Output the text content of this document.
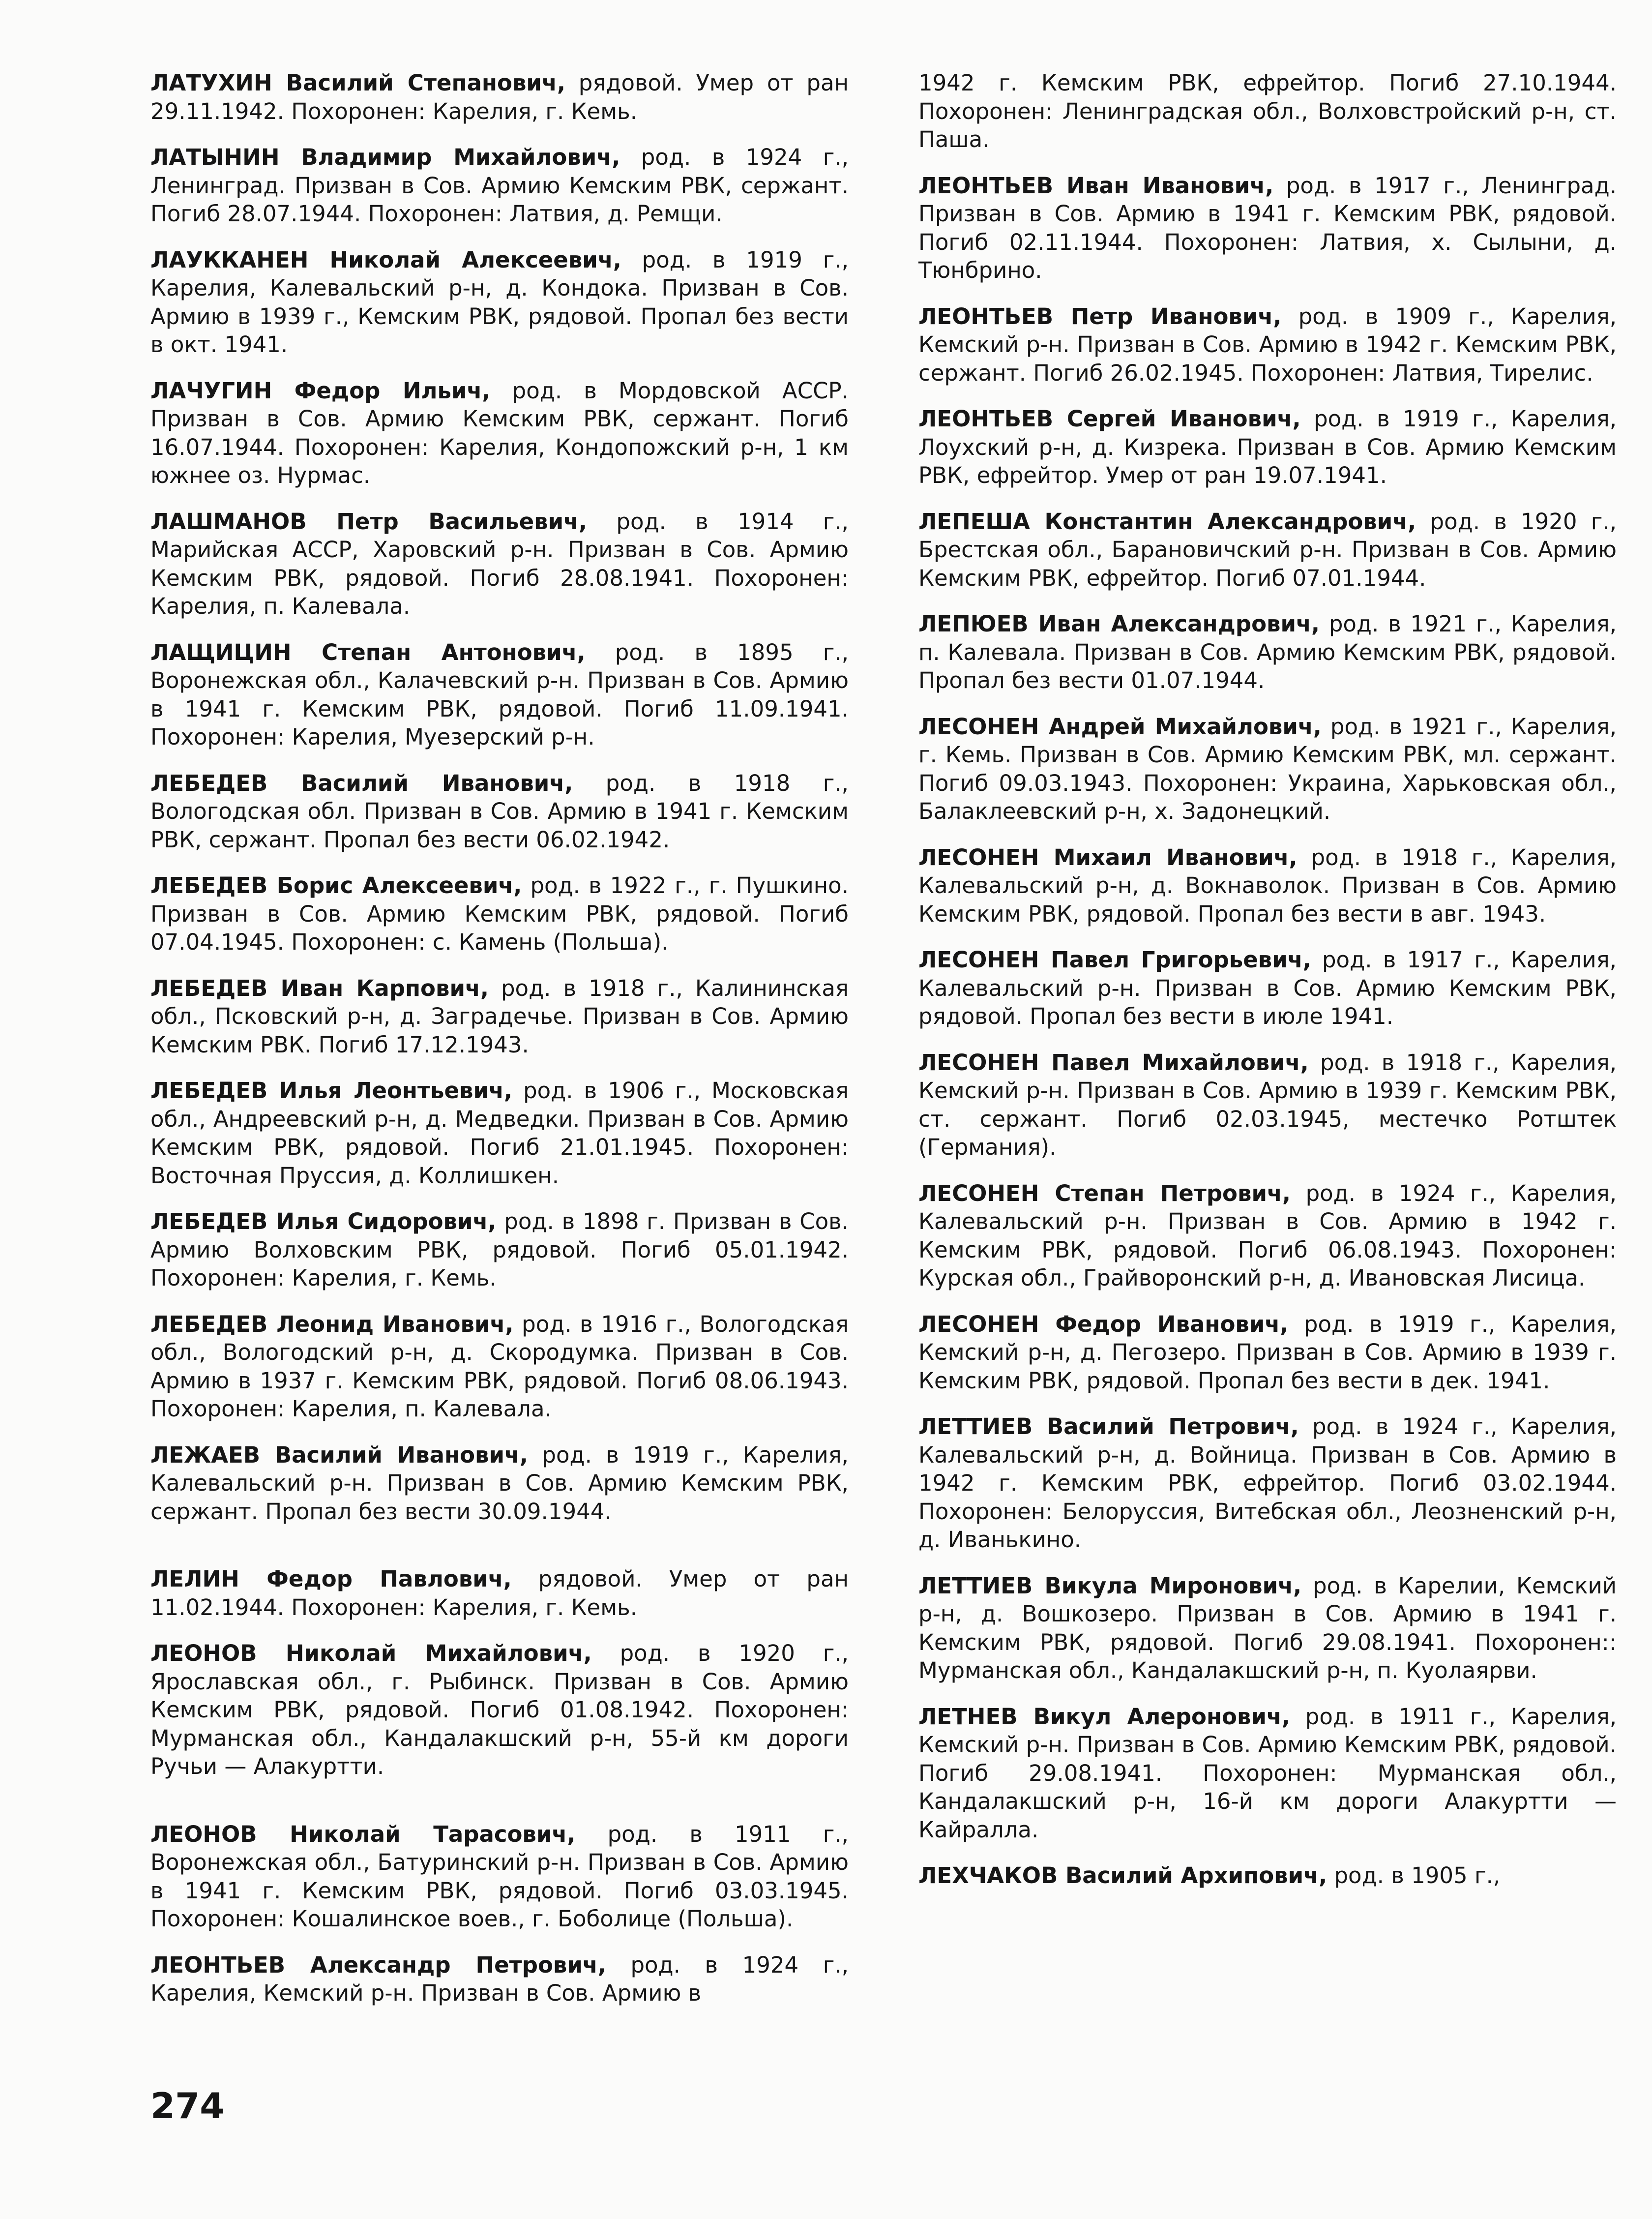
ЛАТУХИН Василий Степанович, рядовой. Умер от ран 29.11.1942. Похоронен: Карелия, г. Кемь.

ЛАТЫНИН Владимир Михайлович, род. в 1924 г., Ленинград. Призван в Сов. Армию Кемским РВК, сержант. Погиб 28.07.1944. Похоронен: Латвия, д. Ремщи.

ЛАУККАНЕН Николай Алексеевич, род. в 1919 г., Карелия, Калевальский р-н, д. Кондока. Призван в Сов. Армию в 1939 г., Кемским РВК, рядовой. Пропал без вести в окт. 1941.

ЛАЧУГИН Федор Ильич, род. в Мордовской АССР. Призван в Сов. Армию Кемским РВК, сержант. Погиб 16.07.1944. Похоронен: Карелия, Кондопожский р-н, 1 км южнее оз. Нурмас.

ЛАШМАНОВ Петр Васильевич, род. в 1914 г., Марийская АССР, Харовский р-н. Призван в Сов. Армию Кемским РВК, рядовой. Погиб 28.08.1941. Похоронен: Карелия, п. Калевала.

ЛАЩИЦИН Степан Антонович, род. в 1895 г., Воронежская обл., Калачевский р-н. Призван в Сов. Армию в 1941 г. Кемским РВК, рядовой. Погиб 11.09.1941. Похоронен: Карелия, Муезерский р-н.

ЛЕБЕДЕВ Василий Иванович, род. в 1918 г., Вологодская обл. Призван в Сов. Армию в 1941 г. Кемским РВК, сержант. Пропал без вести 06.02.1942.

ЛЕБЕДЕВ Борис Алексеевич, род. в 1922 г., г. Пушкино. Призван в Сов. Армию Кемским РВК, рядовой. Погиб 07.04.1945. Похоронен: с. Камень (Польша).

ЛЕБЕДЕВ Иван Карпович, род. в 1918 г., Калининская обл., Псковский р-н, д. Заградечье. Призван в Сов. Армию Кемским РВК. Погиб 17.12.1943.

ЛЕБЕДЕВ Илья Леонтьевич, род. в 1906 г., Московская обл., Андреевский р-н, д. Медведки. Призван в Сов. Армию Кемским РВК, рядовой. Погиб 21.01.1945. Похоронен: Восточная Пруссия, д. Коллишкен.

ЛЕБЕДЕВ Илья Сидорович, род. в 1898 г. Призван в Сов. Армию Волховским РВК, рядовой. Погиб 05.01.1942. Похоронен: Карелия, г. Кемь.

ЛЕБЕДЕВ Леонид Иванович, род. в 1916 г., Вологодская обл., Вологодский р-н, д. Скородумка. Призван в Сов. Армию в 1937 г. Кемским РВК, рядовой. Погиб 08.06.1943. Похоронен: Карелия, п. Калевала.

ЛЕЖАЕВ Василий Иванович, род. в 1919 г., Карелия, Калевальский р-н. Призван в Сов. Армию Кемским РВК, сержант. Пропал без вести 30.09.1944.

ЛЕЛИН Федор Павлович, рядовой. Умер от ран 11.02.1944. Похоронен: Карелия, г. Кемь.

ЛЕОНОВ Николай Михайлович, род. в 1920 г., Ярославская обл., г. Рыбинск. Призван в Сов. Армию Кемским РВК, рядовой. Погиб 01.08.1942. Похоронен: Мурманская обл., Кандалакшский р-н, 55-й км дороги Ручьи — Алакуртти.

ЛЕОНОВ Николай Тарасович, род. в 1911 г., Воронежская обл., Батуринский р-н. Призван в Сов. Армию в 1941 г. Кемским РВК, рядовой. Погиб 03.03.1945. Похоронен: Кошалинское воев., г. Боболице (Польша).

ЛЕОНТЬЕВ Александр Петрович, род. в 1924 г., Карелия, Кемский р-н. Призван в Сов. Армию в

1942 г. Кемским РВК, ефрейтор. Погиб 27.10.1944. Похоронен: Ленинградская обл., Волховстройский р-н, ст. Паша.

ЛЕОНТЬЕВ Иван Иванович, род. в 1917 г., Ленинград. Призван в Сов. Армию в 1941 г. Кемским РВК, рядовой. Погиб 02.11.1944. Похоронен: Латвия, х. Сылыни, д. Тюнбрино.

ЛЕОНТЬЕВ Петр Иванович, род. в 1909 г., Карелия, Кемский р-н. Призван в Сов. Армию в 1942 г. Кемским РВК, сержант. Погиб 26.02.1945. Похоронен: Латвия, Тирелис.

ЛЕОНТЬЕВ Сергей Иванович, род. в 1919 г., Карелия, Лоухский р-н, д. Кизрека. Призван в Сов. Армию Кемским РВК, ефрейтор. Умер от ран 19.07.1941.

ЛЕПЕША Константин Александрович, род. в 1920 г., Брестская обл., Барановичский р-н. Призван в Сов. Армию Кемским РВК, ефрейтор. Погиб 07.01.1944.

ЛЕПЮЕВ Иван Александрович, род. в 1921 г., Карелия, п. Калевала. Призван в Сов. Армию Кемским РВК, рядовой. Пропал без вести 01.07.1944.

ЛЕСОНЕН Андрей Михайлович, род. в 1921 г., Карелия, г. Кемь. Призван в Сов. Армию Кемским РВК, мл. сержант. Погиб 09.03.1943. Похоронен: Украина, Харьковская обл., Балаклеевский р-н, х. Задонецкий.

ЛЕСОНЕН Михаил Иванович, род. в 1918 г., Карелия, Калевальский р-н, д. Вокнаволок. Призван в Сов. Армию Кемским РВК, рядовой. Пропал без вести в авг. 1943.

ЛЕСОНЕН Павел Григорьевич, род. в 1917 г., Карелия, Калевальский р-н. Призван в Сов. Армию Кемским РВК, рядовой. Пропал без вести в июле 1941.

ЛЕСОНЕН Павел Михайлович, род. в 1918 г., Карелия, Кемский р-н. Призван в Сов. Армию в 1939 г. Кемским РВК, ст. сержант. Погиб 02.03.1945, местечко Ротштек (Германия).

ЛЕСОНЕН Степан Петрович, род. в 1924 г., Карелия, Калевальский р-н. Призван в Сов. Армию в 1942 г. Кемским РВК, рядовой. Погиб 06.08.1943. Похоронен: Курская обл., Грайворонский р-н, д. Ивановская Лисица.

ЛЕСОНЕН Федор Иванович, род. в 1919 г., Карелия, Кемский р-н, д. Пегозеро. Призван в Сов. Армию в 1939 г. Кемским РВК, рядовой. Пропал без вести в дек. 1941.

ЛЕТТИЕВ Василий Петрович, род. в 1924 г., Карелия, Калевальский р-н, д. Войница. Призван в Сов. Армию в 1942 г. Кемским РВК, ефрейтор. Погиб 03.02.1944. Похоронен: Белоруссия, Витебская обл., Леозненский р-н, д. Иванькино.

ЛЕТТИЕВ Викула Миронович, род. в Карелии, Кемский р-н, д. Вошкозеро. Призван в Сов. Армию в 1941 г. Кемским РВК, рядовой. Погиб 29.08.1941. Похоронен:: Мурманская обл., Кандалакшский р-н, п. Куолаярви.

ЛЕТНЕВ Викул Алеронович, род. в 1911 г., Карелия, Кемский р-н. Призван в Сов. Армию Кемским РВК, рядовой. Погиб 29.08.1941. Похоронен: Мурманская обл., Кандалакшский р-н, 16-й км дороги Алакуртти — Кайралла.

ЛЕХЧАКОВ Василий Архипович, род. в 1905 г.,

274
